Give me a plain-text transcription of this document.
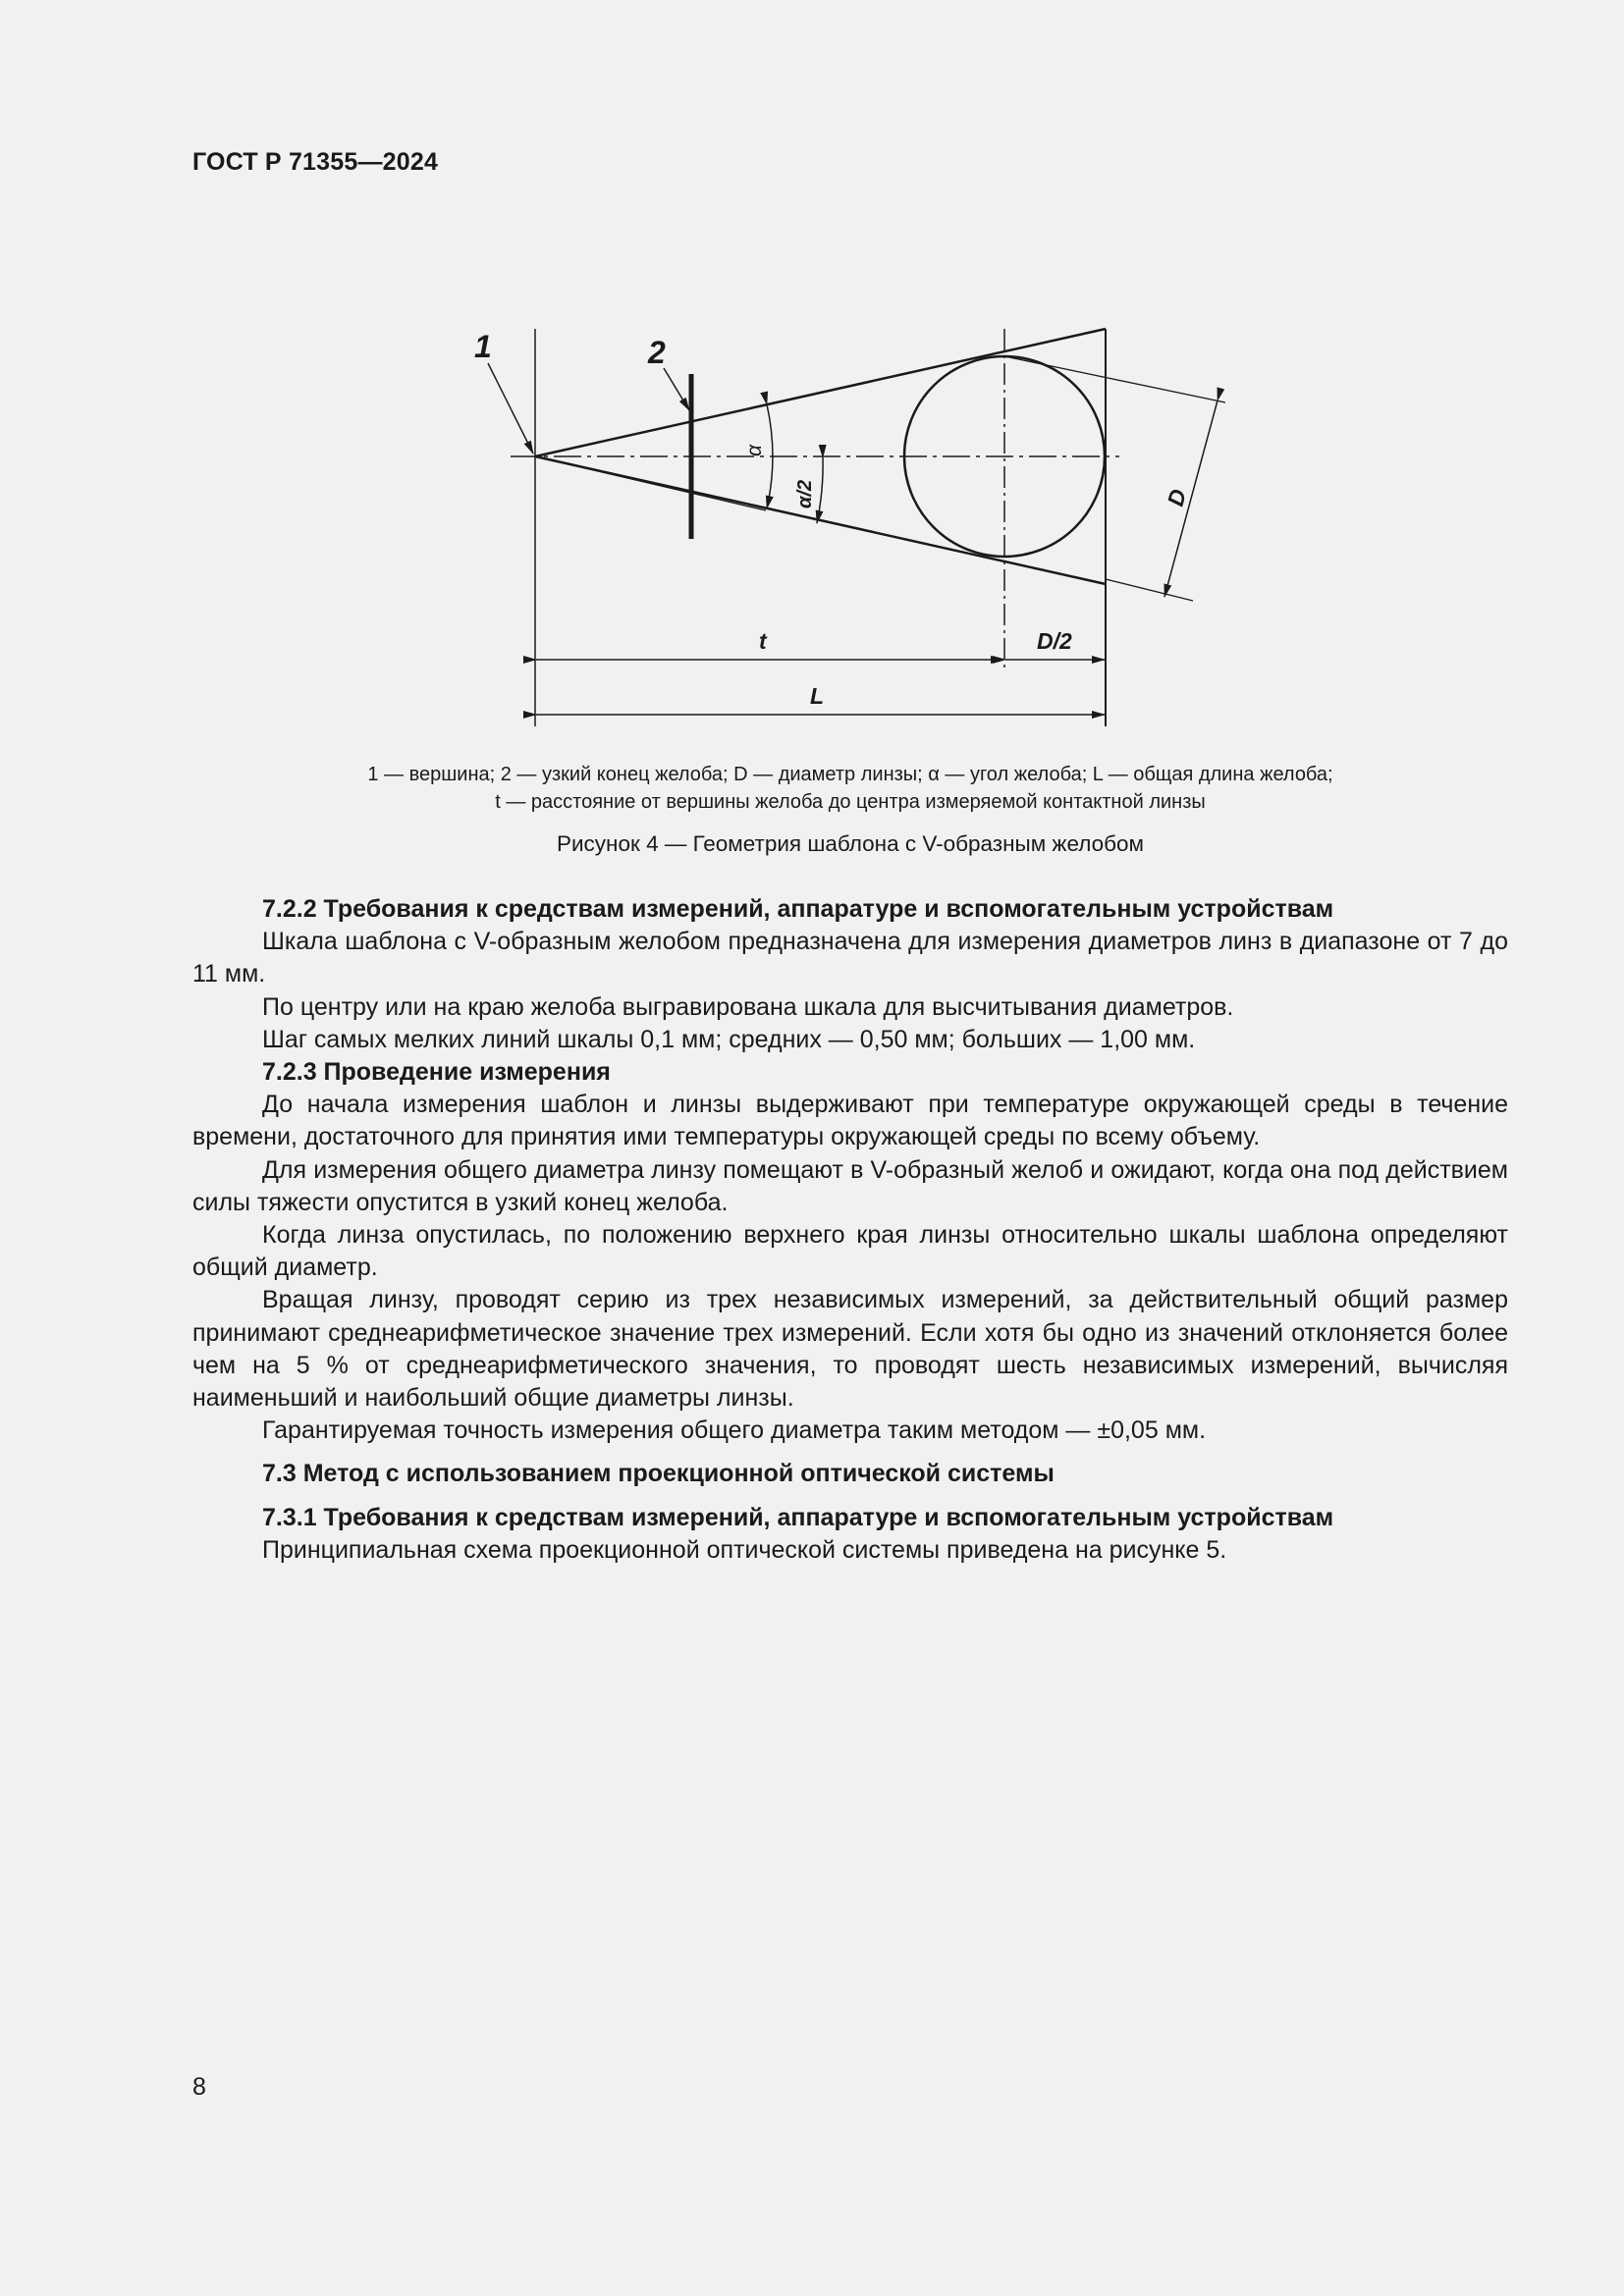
ГОСТ Р 71355—2024
1	2
α
α/2	D
t	D/2
L
1 — вершина; 2 — узкий конец желоба; D — диаметр линзы; α — угол желоба; L — общая длина желоба;
t — расстояние от вершины желоба до центра измеряемой контактной линзы
Рисунок 4 — Геометрия шаблона с V-образным желобом

7.2.2 Требования к средствам измерений, аппаратуре и вспомогательным устройствам

Шкала шаблона с V-образным желобом предназначена для измерения диаметров линз в диапазоне от 7 до 11 мм.

По центру или на краю желоба выгравирована шкала для высчитывания диаметров.

Шаг самых мелких линий шкалы 0,1 мм; средних — 0,50 мм; больших — 1,00 мм.

7.2.3 Проведение измерения

До начала измерения шаблон и линзы выдерживают при температуре окружающей среды в течение времени, достаточного для принятия ими температуры окружающей среды по всему объему.

Для измерения общего диаметра линзу помещают в V-образный желоб и ожидают, когда она под действием силы тяжести опустится в узкий конец желоба.

Когда линза опустилась, по положению верхнего края линзы относительно шкалы шаблона определяют общий диаметр.

Вращая линзу, проводят серию из трех независимых измерений, за действительный общий размер принимают среднеарифметическое значение трех измерений. Если хотя бы одно из значений отклоняется более чем на 5 % от среднеарифметического значения, то проводят шесть независимых измерений, вычисляя наименьший и наибольший общие диаметры линзы.

Гарантируемая точность измерения общего диаметра таким методом — ±0,05 мм.

7.3 Метод с использованием проекционной оптической системы

7.3.1 Требования к средствам измерений, аппаратуре и вспомогательным устройствам

Принципиальная схема проекционной оптической системы приведена на рисунке 5.

8
